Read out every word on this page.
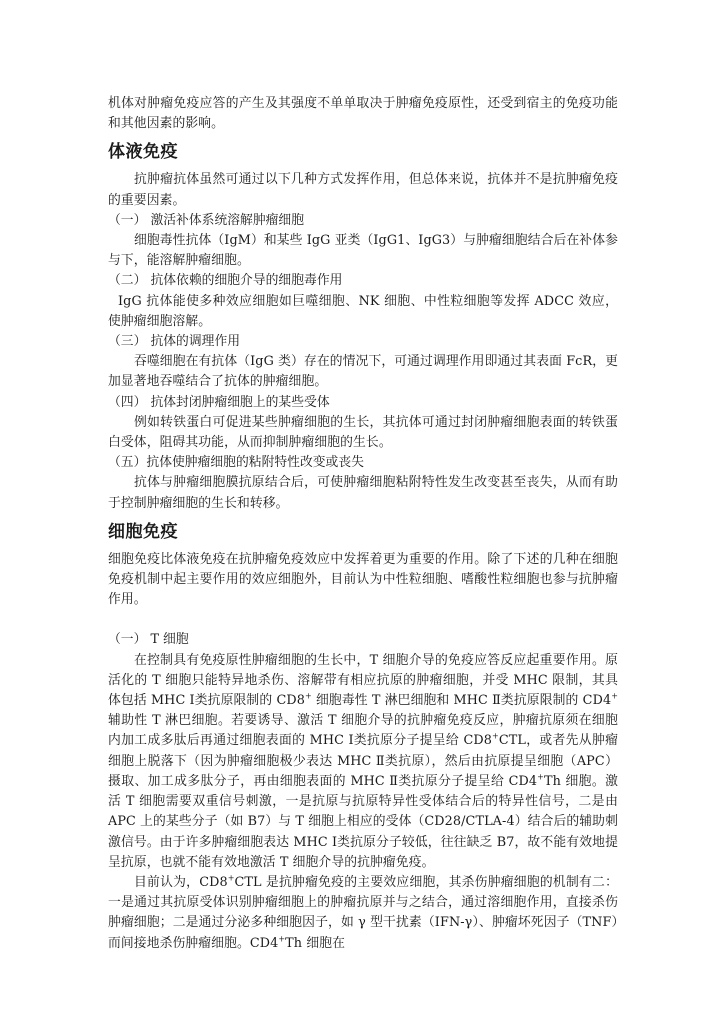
机体对肿瘤免疫应答的产生及其强度不单单取决于肿瘤免疫原性，还受到宿主的免疫功能和其他因素的影响。

体液免疫

抗肿瘤抗体虽然可通过以下几种方式发挥作用，但总体来说，抗体并不是抗肿瘤免疫的重要因素。

（一） 激活补体系统溶解肿瘤细胞

细胞毒性抗体（IgM）和某些 IgG 亚类（IgG1、IgG3）与肿瘤细胞结合后在补体参与下，能溶解肿瘤细胞。

（二） 抗体依赖的细胞介导的细胞毒作用

IgG 抗体能使多种效应细胞如巨噬细胞、NK 细胞、中性粒细胞等发挥 ADCC 效应，使肿瘤细胞溶解。

（三） 抗体的调理作用

吞噬细胞在有抗体（IgG 类）存在的情况下，可通过调理作用即通过其表面 FcR，更加显著地吞噬结合了抗体的肿瘤细胞。

（四） 抗体封闭肿瘤细胞上的某些受体

例如转铁蛋白可促进某些肿瘤细胞的生长，其抗体可通过封闭肿瘤细胞表面的转铁蛋白受体，阻碍其功能，从而抑制肿瘤细胞的生长。

（五）抗体使肿瘤细胞的粘附特性改变或丧失

抗体与肿瘤细胞膜抗原结合后，可使肿瘤细胞粘附特性发生改变甚至丧失，从而有助于控制肿瘤细胞的生长和转移。

细胞免疫

细胞免疫比体液免疫在抗肿瘤免疫效应中发挥着更为重要的作用。除了下述的几种在细胞免疫机制中起主要作用的效应细胞外，目前认为中性粒细胞、嗜酸性粒细胞也参与抗肿瘤作用。

（一） T 细胞

在控制具有免疫原性肿瘤细胞的生长中，T 细胞介导的免疫应答反应起重要作用。原活化的 T 细胞只能特异地杀伤、溶解带有相应抗原的肿瘤细胞，并受 MHC 限制，其具体包括 MHC Ⅰ类抗原限制的 CD8+ 细胞毒性 T 淋巴细胞和 MHC Ⅱ类抗原限制的 CD4+ 辅助性 T 淋巴细胞。若要诱导、激活 T 细胞介导的抗肿瘤免疫反应，肿瘤抗原须在细胞内加工成多肽后再通过细胞表面的 MHC Ⅰ类抗原分子提呈给 CD8+CTL，或者先从肿瘤细胞上脱落下（因为肿瘤细胞极少表达 MHC Ⅱ类抗原），然后由抗原提呈细胞（APC）摄取、加工成多肽分子，再由细胞表面的 MHC Ⅱ类抗原分子提呈给 CD4+Th 细胞。激活 T 细胞需要双重信号刺激，一是抗原与抗原特异性受体结合后的特异性信号，二是由 APC 上的某些分子（如 B7）与 T 细胞上相应的受体（CD28/CTLA-4）结合后的辅助刺激信号。由于许多肿瘤细胞表达 MHC Ⅰ类抗原分子较低，往往缺乏 B7，故不能有效地提呈抗原，也就不能有效地激活 T 细胞介导的抗肿瘤免疫。

目前认为，CD8+CTL 是抗肿瘤免疫的主要效应细胞，其杀伤肿瘤细胞的机制有二：一是通过其抗原受体识别肿瘤细胞上的肿瘤抗原并与之结合，通过溶细胞作用，直接杀伤肿瘤细胞；二是通过分泌多种细胞因子，如 γ 型干扰素（IFN-γ）、肿瘤坏死因子（TNF）而间接地杀伤肿瘤细胞。CD4+Th 细胞在
